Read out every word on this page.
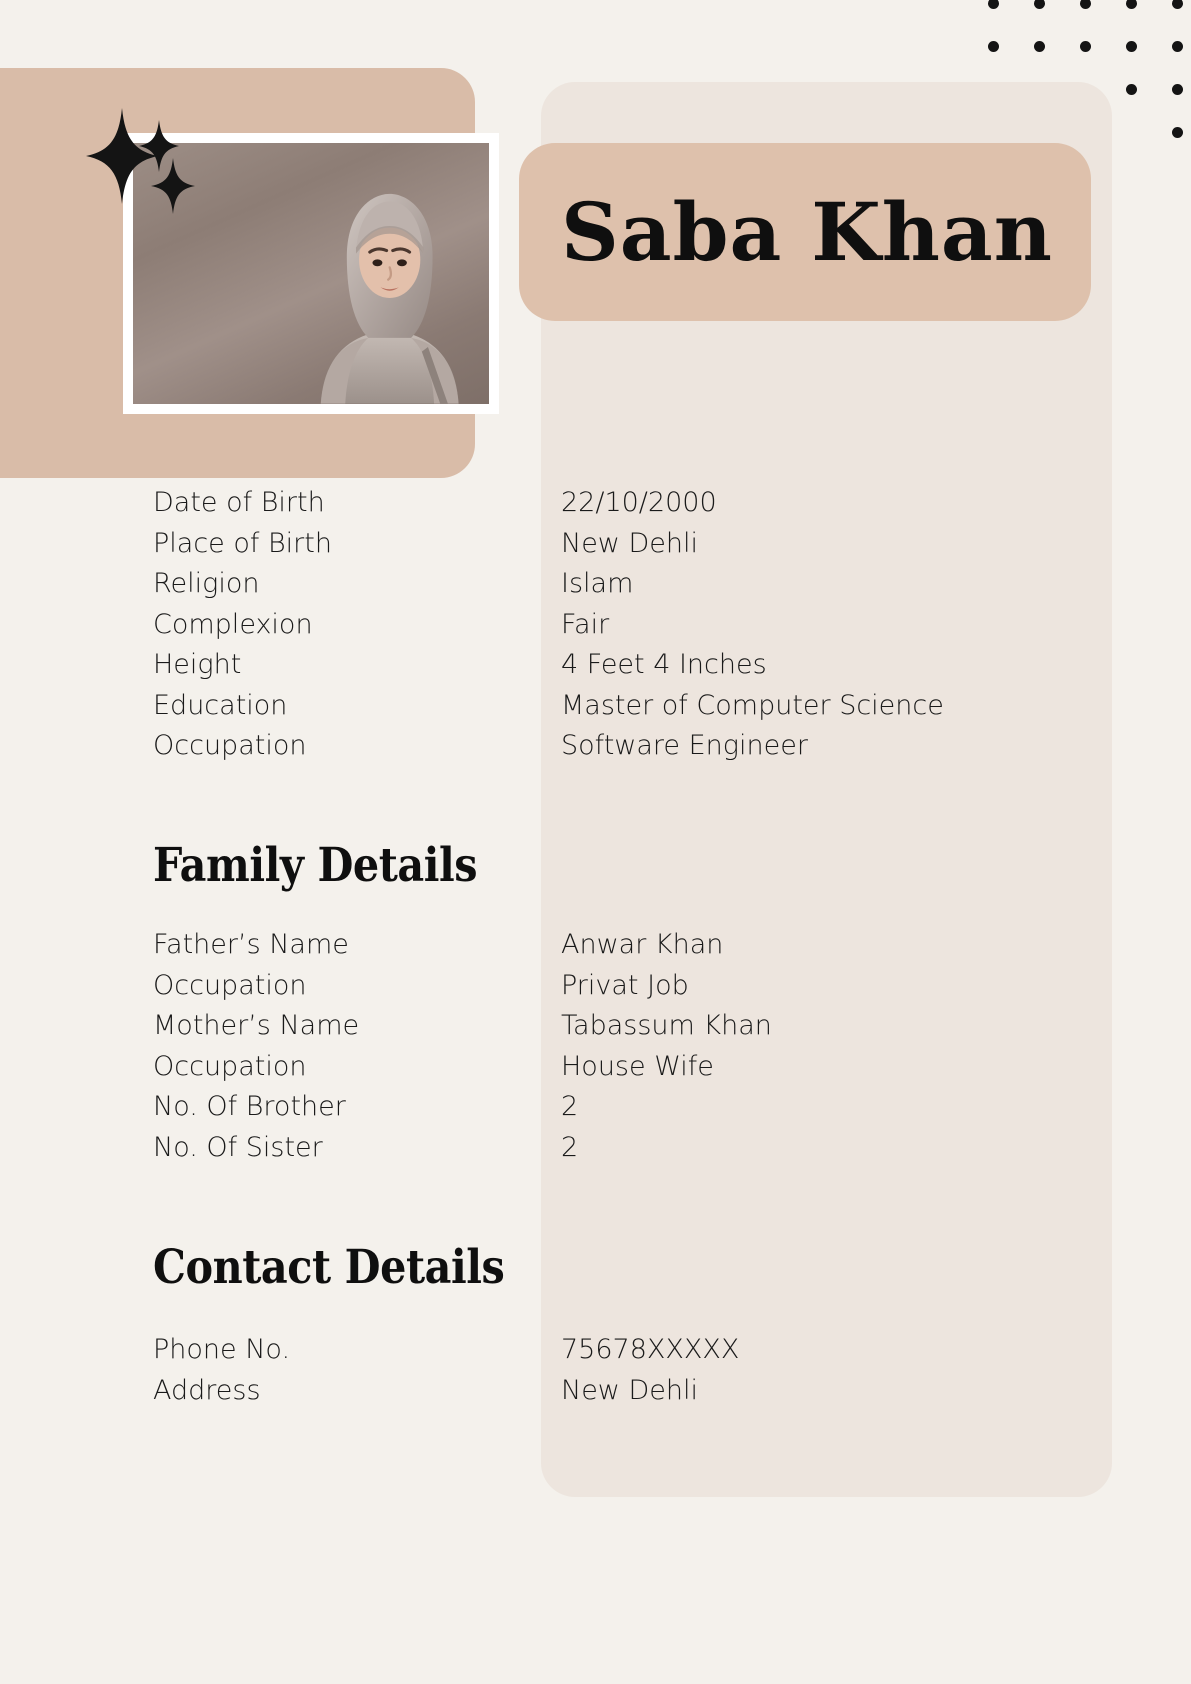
Saba Khan
Date of Birth	22/10/2000
Place of Birth	New Dehli
Religion	Islam
Complexion	Fair
Height	4 Feet 4 Inches
Education	Master of Computer Science
Occupation	Software Engineer
Family Details
Father’s Name	Anwar Khan
Occupation	Privat Job
Mother’s Name	Tabassum Khan
Occupation	House Wife
No. Of Brother	2
No. Of Sister	2
Contact Details
Phone No.	75678XXXXX
Address	New Dehli
